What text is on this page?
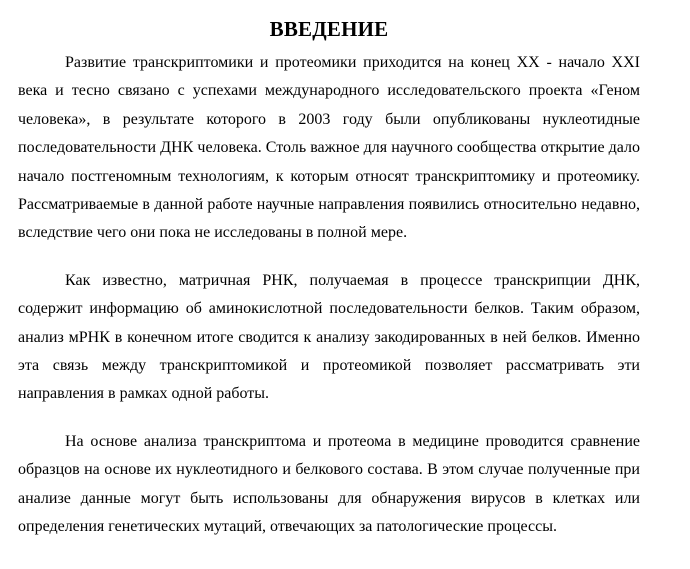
ВВЕДЕНИЕ

Развитие транскриптомики и протеомики приходится на конец XX - начало XXI века и тесно связано с успехами международного исследовательского проекта «Геном человека», в результате которого в 2003 году были опубликованы нуклеотидные последовательности ДНК человека. Столь важное для научного сообщества открытие дало начало постгеномным технологиям, к которым относят транскриптомику и протеомику. Рассматриваемые в данной работе научные направления появились относительно недавно, вследствие чего они пока не исследованы в полной мере.

Как известно, матричная РНК, получаемая в процессе транскрипции ДНК, содержит информацию об аминокислотной последовательности белков. Таким образом, анализ мРНК в конечном итоге сводится к анализу закодированных в ней белков. Именно эта связь между транскриптомикой и протеомикой позволяет рассматривать эти направления в рамках одной работы.

На основе анализа транскриптома и протеома в медицине проводится сравнение образцов на основе их нуклеотидного и белкового состава. В этом случае полученные при анализе данные могут быть использованы для обнаружения вирусов в клетках или определения генетических мутаций, отвечающих за патологические процессы.
